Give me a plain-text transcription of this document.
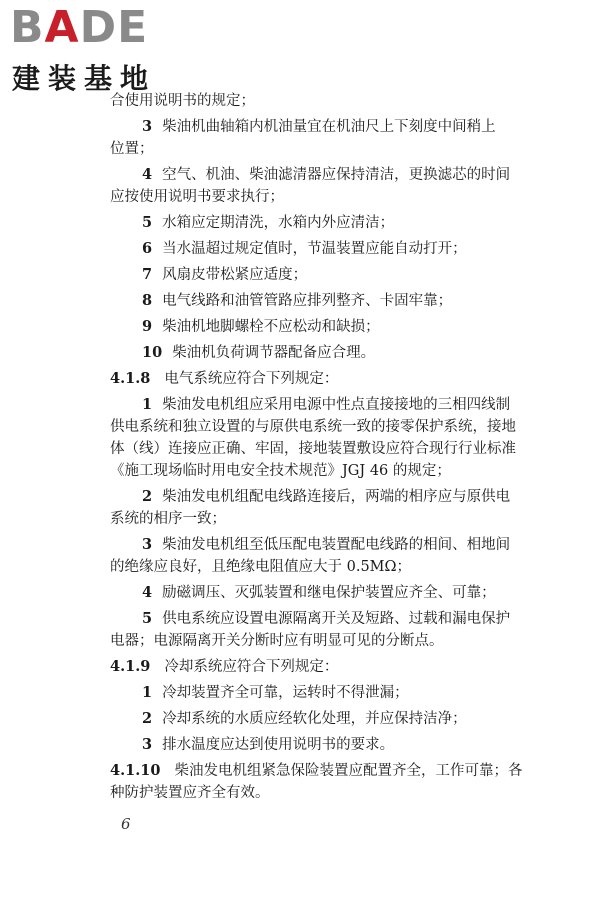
BADE
建装基地
合使用说明书的规定；
3 柴油机曲轴箱内机油量宜在机油尺上下刻度中间稍上
位置；
4 空气、机油、柴油滤清器应保持清洁，更换滤芯的时间
应按使用说明书要求执行；
5 水箱应定期清洗，水箱内外应清洁；
6 当水温超过规定值时，节温装置应能自动打开；
7 风扇皮带松紧应适度；
8 电气线路和油管管路应排列整齐、卡固牢靠；
9 柴油机地脚螺栓不应松动和缺损；
10 柴油机负荷调节器配备应合理。
4.1.8 电气系统应符合下列规定：
1 柴油发电机组应采用电源中性点直接接地的三相四线制
供电系统和独立设置的与原供电系统一致的接零保护系统，接地
体（线）连接应正确、牢固，接地装置敷设应符合现行行业标准
《施工现场临时用电安全技术规范》JGJ 46 的规定；
2 柴油发电机组配电线路连接后，两端的相序应与原供电
系统的相序一致；
3 柴油发电机组至低压配电装置配电线路的相间、相地间
的绝缘应良好，且绝缘电阻值应大于 0.5MΩ；
4 励磁调压、灭弧装置和继电保护装置应齐全、可靠；
5 供电系统应设置电源隔离开关及短路、过载和漏电保护
电器；电源隔离开关分断时应有明显可见的分断点。
4.1.9 冷却系统应符合下列规定：
1 冷却装置齐全可靠，运转时不得泄漏；
2 冷却系统的水质应经软化处理，并应保持洁净；
3 排水温度应达到使用说明书的要求。
4.1.10 柴油发电机组紧急保险装置应配置齐全，工作可靠；各
种防护装置应齐全有效。
6
